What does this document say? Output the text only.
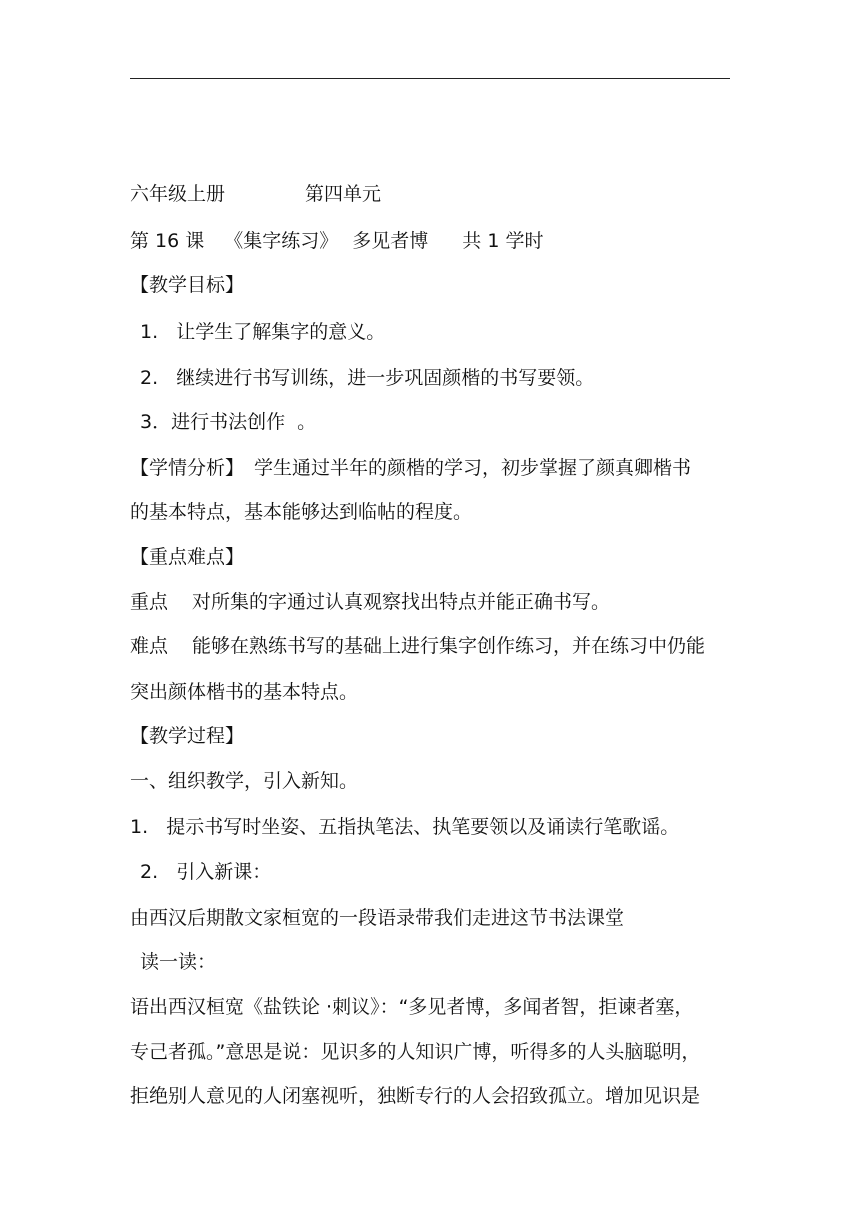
六年级上册	第四单元
第 16 课 《集字练习》 多见者博 共 1 学时
【教学目标】
1.   让学生了解集字的意义。
2.   继续进行书写训练，进一步巩固颜楷的书写要领。
3．进行书法创作  。
【学情分析】 学生通过半年的颜楷的学习，初步掌握了颜真卿楷书
的基本特点，基本能够达到临帖的程度。
【重点难点】
重点 对所集的字通过认真观察找出特点并能正确书写。
难点 能够在熟练书写的基础上进行集字创作练习，并在练习中仍能
突出颜体楷书的基本特点。
【教学过程】
一、组织教学，引入新知。
1.   提示书写时坐姿、五指执笔法、执笔要领以及诵读行笔歌谣。
2.   引入新课：
由西汉后期散文家桓宽的一段语录带我们走进这节书法课堂
读一读：
语出西汉桓宽《盐铁论 ·刺议》：“多见者博，多闻者智，拒谏者塞，
专己者孤。”意思是说：见识多的人知识广博，听得多的人头脑聪明，
拒绝别人意见的人闭塞视听，独断专行的人会招致孤立。增加见识是
